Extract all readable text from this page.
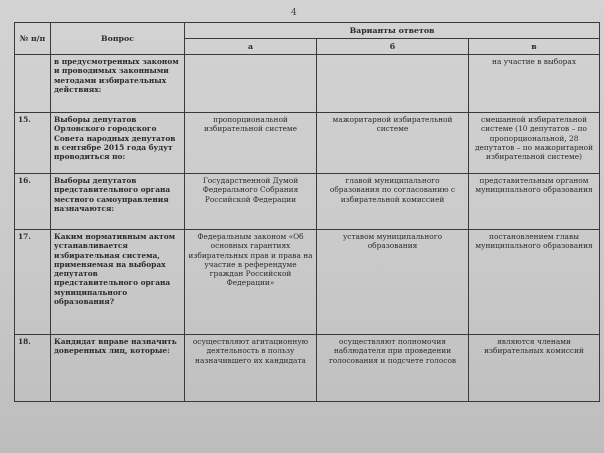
4
№ п/п	Вопрос	Варианты ответов		
		а	б	в
	в предусмотренных законом и проводимых законными методами избирательных действиях:			на участие в выборах
15.	Выборы депутатов Орловского городского Совета народных депутатов в сентябре 2015 года будут проводиться по:	пропорциональной избирательной системе	мажоритарной избирательной системе	смешанной избирательной системе (10 депутатов – по пропорциональной, 28 депутатов – по мажоритарной избирательной системе)
16.	Выборы депутатов представительного органа местного самоуправления назначаются:	Государственной Думой Федерального Собрания Российской Федерации	главой муниципального образования по согласованию с избирательной комиссией	представительным органом муниципального образования
17.	Каким нормативным актом устанавливается избирательная система, применяемая на выборах депутатов представительного органа муниципального образования?	Федеральным законом «Об основных гарантиях избирательных прав и права на участие в референдуме граждан Российской Федерации»	уставом муниципального образования	постановлением главы муниципального образования
18.	Кандидат вправе назначить доверенных лиц, которые:	осуществляют агитационную деятельность в пользу назначившего их кандидата	осуществляют полномочия наблюдателя при проведении голосования и подсчете голосов	являются членами избирательных комиссий
